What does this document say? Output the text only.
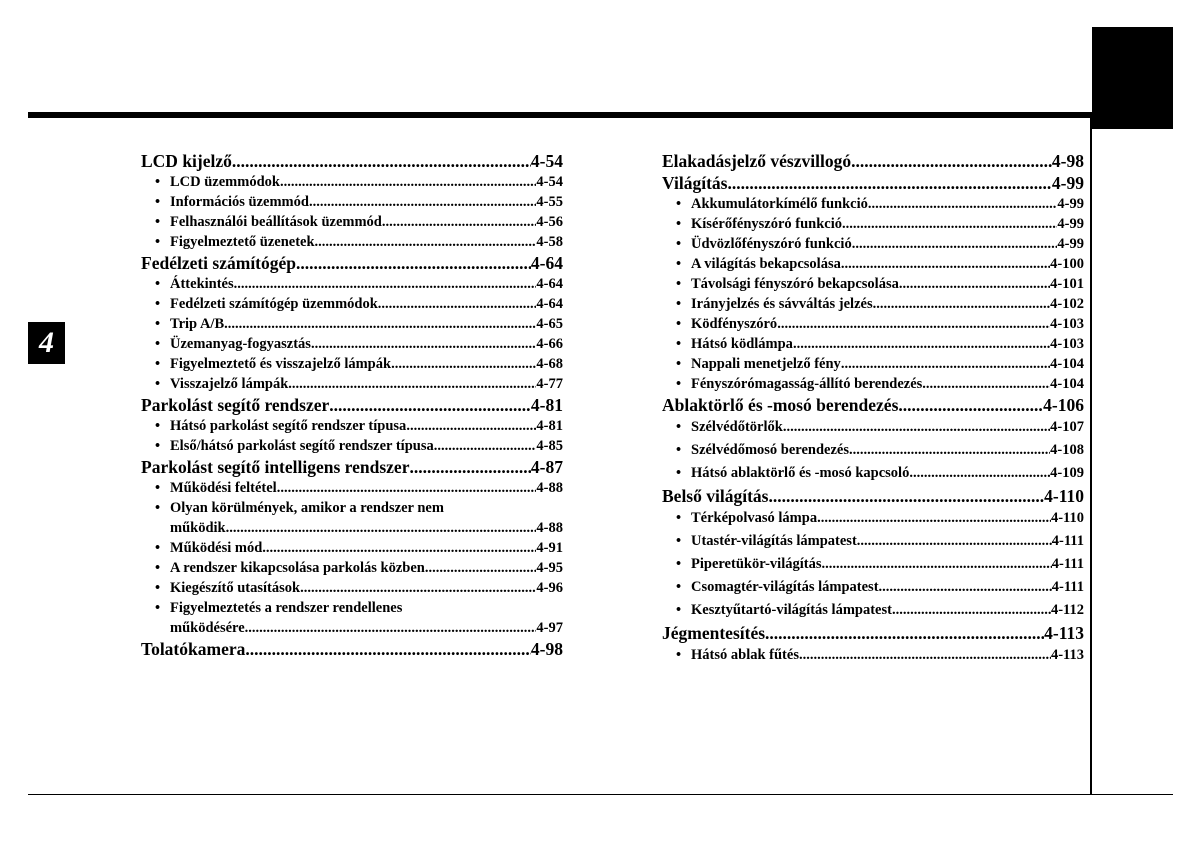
4
LCD kijelző .....	4-54
• LCD üzemmódok .....	4-54
• Információs üzemmód .....	4-55
• Felhasználói beállítások üzemmód .....	4-56
• Figyelmeztető üzenetek .....	4-58
Fedélzeti számítógép .....	4-64
• Áttekintés .....	4-64
• Fedélzeti számítógép üzemmódok .....	4-64
• Trip A/B .....	4-65
• Üzemanyag-fogyasztás .....	4-66
• Figyelmeztető és visszajelző lámpák .....	4-68
• Visszajelző lámpák .....	4-77
Parkolást segítő rendszer .....	4-81
• Hátsó parkolást segítő rendszer típusa .....	4-81
• Első/hátsó parkolást segítő rendszer típusa .....	4-85
Parkolást segítő intelligens rendszer .....	4-87
• Működési feltétel .....	4-88
• Olyan körülmények, amikor a rendszer nem
működik .....	4-88
• Működési mód .....	4-91
• A rendszer kikapcsolása parkolás közben .....	4-95
• Kiegészítő utasítások .....	4-96
• Figyelmeztetés a rendszer rendellenes
működésére .....	4-97
Tolatókamera .....	4-98
Elakadásjelző vészvillogó .....	4-98
Világítás .....	4-99
• Akkumulátorkímélő funkció .....	4-99
• Kísérőfényszóró funkció .....	4-99
• Üdvözlőfényszóró funkció .....	4-99
• A világítás bekapcsolása .....	4-100
• Távolsági fényszóró bekapcsolása .....	4-101
• Irányjelzés és sávváltás jelzés .....	4-102
• Ködfényszóró .....	4-103
• Hátsó ködlámpa .....	4-103
• Nappali menetjelző fény .....	4-104
• Fényszórómagasság-állító berendezés .....	4-104
Ablaktörlő és -mosó berendezés .....	4-106
• Szélvédőtörlők .....	4-107
• Szélvédőmosó berendezés .....	4-108
• Hátsó ablaktörlő és -mosó kapcsoló .....	4-109
Belső világítás .....	4-110
• Térképolvasó lámpa .....	4-110
• Utastér-világítás lámpatest .....	4-111
• Piperetükör-világítás .....	4-111
• Csomagtér-világítás lámpatest .....	4-111
• Kesztyűtartó-világítás lámpatest .....	4-112
Jégmentesítés .....	4-113
• Hátsó ablak fűtés .....	4-113
